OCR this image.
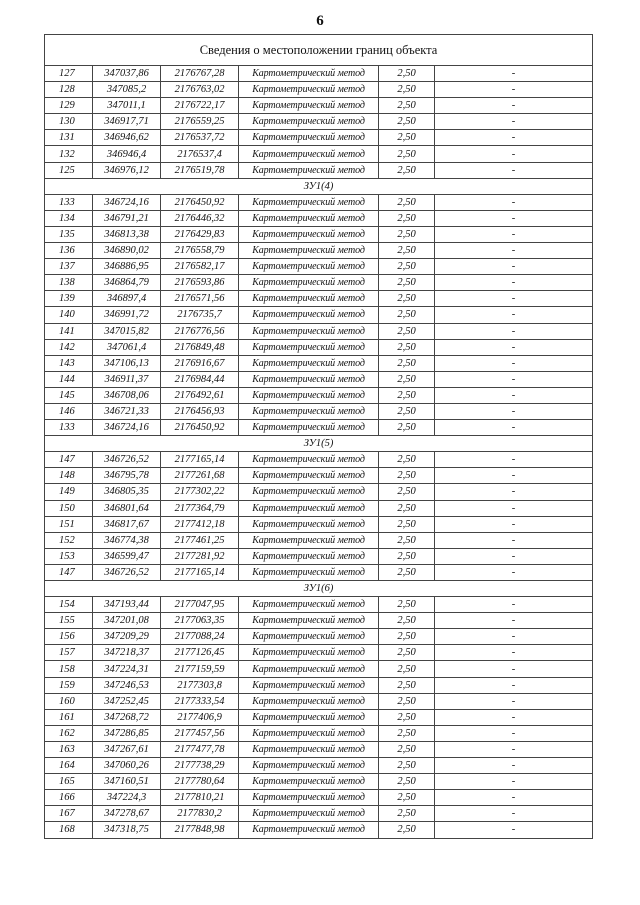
6
Сведения о местоположении границ объекта					
127	347037,86	2176767,28	Картометрический метод	2,50	-
128	347085,2	2176763,02	Картометрический метод	2,50	-
129	347011,1	2176722,17	Картометрический метод	2,50	-
130	346917,71	2176559,25	Картометрический метод	2,50	-
131	346946,62	2176537,72	Картометрический метод	2,50	-
132	346946,4	2176537,4	Картометрический метод	2,50	-
125	346976,12	2176519,78	Картометрический метод	2,50	-
ЗУ1(4)					
133	346724,16	2176450,92	Картометрический метод	2,50	-
134	346791,21	2176446,32	Картометрический метод	2,50	-
135	346813,38	2176429,83	Картометрический метод	2,50	-
136	346890,02	2176558,79	Картометрический метод	2,50	-
137	346886,95	2176582,17	Картометрический метод	2,50	-
138	346864,79	2176593,86	Картометрический метод	2,50	-
139	346897,4	2176571,56	Картометрический метод	2,50	-
140	346991,72	2176735,7	Картометрический метод	2,50	-
141	347015,82	2176776,56	Картометрический метод	2,50	-
142	347061,4	2176849,48	Картометрический метод	2,50	-
143	347106,13	2176916,67	Картометрический метод	2,50	-
144	346911,37	2176984,44	Картометрический метод	2,50	-
145	346708,06	2176492,61	Картометрический метод	2,50	-
146	346721,33	2176456,93	Картометрический метод	2,50	-
133	346724,16	2176450,92	Картометрический метод	2,50	-
ЗУ1(5)					
147	346726,52	2177165,14	Картометрический метод	2,50	-
148	346795,78	2177261,68	Картометрический метод	2,50	-
149	346805,35	2177302,22	Картометрический метод	2,50	-
150	346801,64	2177364,79	Картометрический метод	2,50	-
151	346817,67	2177412,18	Картометрический метод	2,50	-
152	346774,38	2177461,25	Картометрический метод	2,50	-
153	346599,47	2177281,92	Картометрический метод	2,50	-
147	346726,52	2177165,14	Картометрический метод	2,50	-
ЗУ1(6)					
154	347193,44	2177047,95	Картометрический метод	2,50	-
155	347201,08	2177063,35	Картометрический метод	2,50	-
156	347209,29	2177088,24	Картометрический метод	2,50	-
157	347218,37	2177126,45	Картометрический метод	2,50	-
158	347224,31	2177159,59	Картометрический метод	2,50	-
159	347246,53	2177303,8	Картометрический метод	2,50	-
160	347252,45	2177333,54	Картометрический метод	2,50	-
161	347268,72	2177406,9	Картометрический метод	2,50	-
162	347286,85	2177457,56	Картометрический метод	2,50	-
163	347267,61	2177477,78	Картометрический метод	2,50	-
164	347060,26	2177738,29	Картометрический метод	2,50	-
165	347160,51	2177780,64	Картометрический метод	2,50	-
166	347224,3	2177810,21	Картометрический метод	2,50	-
167	347278,67	2177830,2	Картометрический метод	2,50	-
168	347318,75	2177848,98	Картометрический метод	2,50	-
